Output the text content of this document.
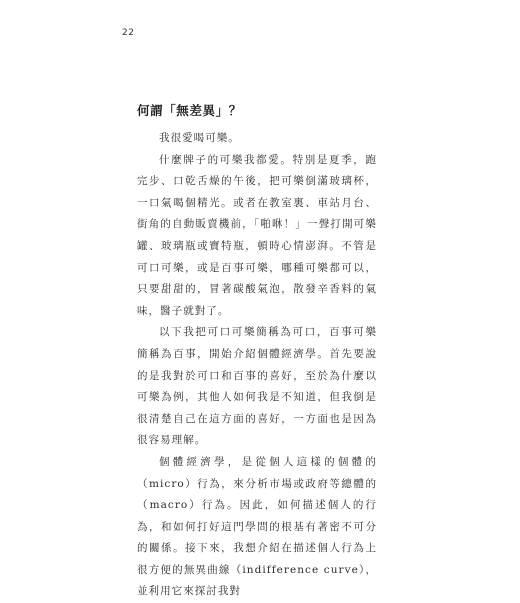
22
何謂「無差異」？

我很愛喝可樂。

什麼牌子的可樂我都愛。特別是夏季，跑完步、口乾舌燥的午後，把可樂倒滿玻璃杯，一口氣喝個精光。或者在教室裏、車站月台、街角的自動販賣機前，「啪咻！」一聲打開可樂罐、玻璃瓶或寶特瓶，頓時心情澎湃。不管是可口可樂，或是百事可樂，哪種可樂都可以，只要甜甜的，冒著碳酸氣泡，散發辛香料的氣味，醫子就對了。

以下我把可口可樂簡稱為可口，百事可樂簡稱為百事，開始介紹個體經濟學。首先要說的是我對於可口和百事的喜好，至於為什麼以可樂為例，其他人如何我是不知道，但我倒是很清楚自己在這方面的喜好，一方面也是因為很容易理解。

個體經濟學，是從個人這樣的個體的（micro）行為，來分析市場或政府等總體的（macro）行為。因此，如何描述個人的行為，和如何打好這門學問的根基有著密不可分的關係。接下來，我想介紹在描述個人行為上很方便的無異曲線（indifference curve），並利用它來探討我對
